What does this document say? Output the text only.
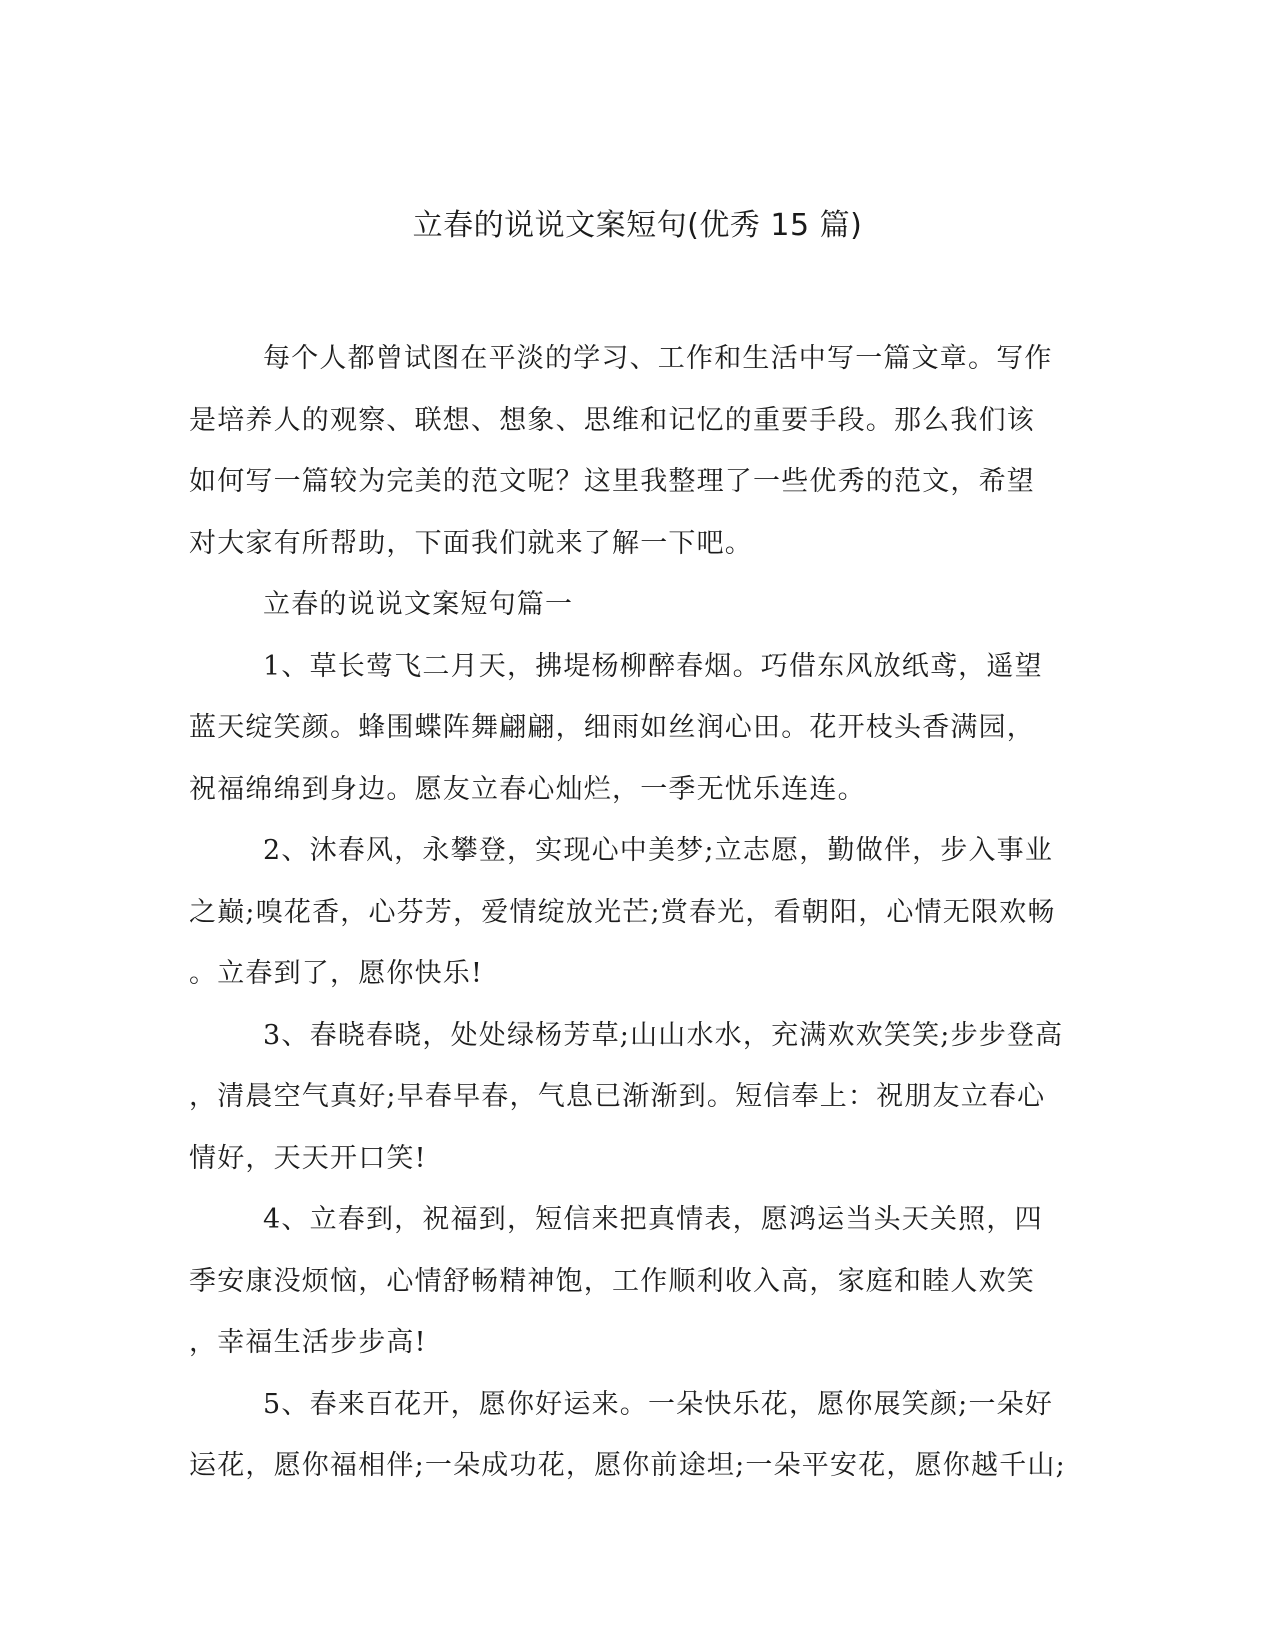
立春的说说文案短句(优秀 15 篇)
每个人都曾试图在平淡的学习、工作和生活中写一篇文章。写作
是培养人的观察、联想、想象、思维和记忆的重要手段。那么我们该
如何写一篇较为完美的范文呢？这里我整理了一些优秀的范文，希望
对大家有所帮助，下面我们就来了解一下吧。
立春的说说文案短句篇一
1、草长莺飞二月天，拂堤杨柳醉春烟。巧借东风放纸鸢，遥望
蓝天绽笑颜。蜂围蝶阵舞翩翩，细雨如丝润心田。花开枝头香满园，
祝福绵绵到身边。愿友立春心灿烂，一季无忧乐连连。
2、沐春风，永攀登，实现心中美梦;立志愿，勤做伴，步入事业
之巅;嗅花香，心芬芳，爱情绽放光芒;赏春光，看朝阳，心情无限欢畅
。立春到了，愿你快乐!
3、春晓春晓，处处绿杨芳草;山山水水，充满欢欢笑笑;步步登高
，清晨空气真好;早春早春，气息已渐渐到。短信奉上：祝朋友立春心
情好，天天开口笑!
4、立春到，祝福到，短信来把真情表，愿鸿运当头天关照，四
季安康没烦恼，心情舒畅精神饱，工作顺利收入高，家庭和睦人欢笑
，幸福生活步步高!
5、春来百花开，愿你好运来。一朵快乐花，愿你展笑颜;一朵好
运花，愿你福相伴;一朵成功花，愿你前途坦;一朵平安花，愿你越千山;
